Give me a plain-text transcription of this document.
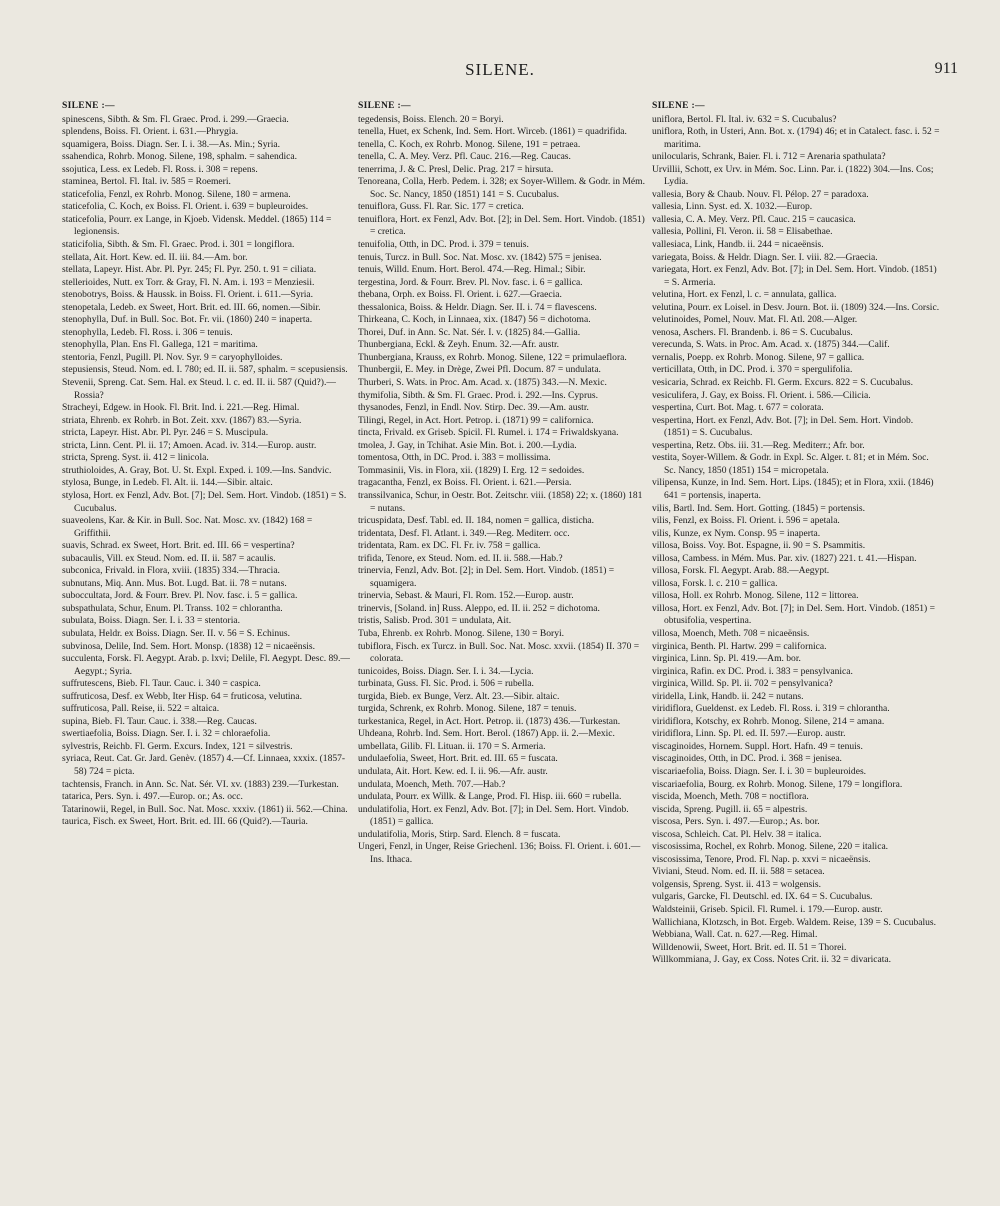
SILENE.	911
SILENE :—

spinescens, Sibth. & Sm. Fl. Graec. Prod. i. 299.—Graecia.

splendens, Boiss. Fl. Orient. i. 631.—Phrygia.

squamigera, Boiss. Diagn. Ser. I. i. 38.—As. Min.; Syria.

ssahendica, Rohrb. Monog. Silene, 198, sphalm. = sahendica.

ssojutica, Less. ex Ledeb. Fl. Ross. i. 308 = repens.

staminea, Bertol. Fl. Ital. iv. 585 = Roemeri.

staticefolia, Fenzl, ex Rohrb. Monog. Silene, 180 = armena.

staticefolia, C. Koch, ex Boiss. Fl. Orient. i. 639 = bupleuroides.

staticefolia, Pourr. ex Lange, in Kjoeb. Vidensk. Meddel. (1865) 114 = legionensis.

staticifolia, Sibth. & Sm. Fl. Graec. Prod. i. 301 = longiflora.

stellata, Ait. Hort. Kew. ed. II. iii. 84.—Am. bor.

stellata, Lapeyr. Hist. Abr. Pl. Pyr. 245; Fl. Pyr. 250. t. 91 = ciliata.

stellerioides, Nutt. ex Torr. & Gray, Fl. N. Am. i. 193 = Menziesii.

stenobotrys, Boiss. & Haussk. in Boiss. Fl. Orient. i. 611.—Syria.

stenopetala, Ledeb. ex Sweet, Hort. Brit. ed. III. 66, nomen.—Sibir.

stenophylla, Duf. in Bull. Soc. Bot. Fr. vii. (1860) 240 = inaperta.

stenophylla, Ledeb. Fl. Ross. i. 306 = tenuis.

stenophylla, Plan. Ens Fl. Gallega, 121 = maritima.

stentoria, Fenzl, Pugill. Pl. Nov. Syr. 9 = caryophylloides.

stepusiensis, Steud. Nom. ed. I. 780; ed. II. ii. 587, sphalm. = scepusiensis.

Stevenii, Spreng. Cat. Sem. Hal. ex Steud. l. c. ed. II. ii. 587 (Quid?).—Rossia?

Stracheyi, Edgew. in Hook. Fl. Brit. Ind. i. 221.—Reg. Himal.

striata, Ehrenb. ex Rohrb. in Bot. Zeit. xxv. (1867) 83.—Syria.

stricta, Lapeyr. Hist. Abr. Pl. Pyr. 246 = S. Muscipula.

stricta, Linn. Cent. Pl. ii. 17; Amoen. Acad. iv. 314.—Europ. austr.

stricta, Spreng. Syst. ii. 412 = linicola.

struthioloides, A. Gray, Bot. U. St. Expl. Exped. i. 109.—Ins. Sandvic.

stylosa, Bunge, in Ledeb. Fl. Alt. ii. 144.—Sibir. altaic.

stylosa, Hort. ex Fenzl, Adv. Bot. [7]; Del. Sem. Hort. Vindob. (1851) = S. Cucubalus.

suaveolens, Kar. & Kir. in Bull. Soc. Nat. Mosc. xv. (1842) 168 = Griffithii.

suavis, Schrad. ex Sweet, Hort. Brit. ed. III. 66 = vespertina?

subacaulis, Vill. ex Steud. Nom. ed. II. ii. 587 = acaulis.

subconica, Frivald. in Flora, xviii. (1835) 334.—Thracia.

subnutans, Miq. Ann. Mus. Bot. Lugd. Bat. ii. 78 = nutans.

suboccultata, Jord. & Fourr. Brev. Pl. Nov. fasc. i. 5 = gallica.

subspathulata, Schur, Enum. Pl. Transs. 102 = chlorantha.

subulata, Boiss. Diagn. Ser. I. i. 33 = stentoria.

subulata, Heldr. ex Boiss. Diagn. Ser. II. v. 56 = S. Echinus.

subvinosa, Delile, Ind. Sem. Hort. Monsp. (1838) 12 = nicaeënsis.

succulenta, Forsk. Fl. Aegypt. Arab. p. lxvi; Delile, Fl. Aegypt. Desc. 89.—Aegypt.; Syria.

suffrutescens, Bieb. Fl. Taur. Cauc. i. 340 = caspica.

suffruticosa, Desf. ex Webb, Iter Hisp. 64 = fruticosa, velutina.

suffruticosa, Pall. Reise, ii. 522 = altaica.

supina, Bieb. Fl. Taur. Cauc. i. 338.—Reg. Caucas.

swertiaefolia, Boiss. Diagn. Ser. I. i. 32 = chloraefolia.

sylvestris, Reichb. Fl. Germ. Excurs. Index, 121 = silvestris.

syriaca, Reut. Cat. Gr. Jard. Genèv. (1857) 4.—Cf. Linnaea, xxxix. (1857-58) 724 = picta.

tachtensis, Franch. in Ann. Sc. Nat. Sér. VI. xv. (1883) 239.—Turkestan.

tatarica, Pers. Syn. i. 497.—Europ. or.; As. occ.

Tatarinowii, Regel, in Bull. Soc. Nat. Mosc. xxxiv. (1861) ii. 562.—China.

taurica, Fisch. ex Sweet, Hort. Brit. ed. III. 66 (Quid?).—Tauria.

SILENE :—

tegedensis, Boiss. Elench. 20 = Boryi.

tenella, Huet, ex Schenk, Ind. Sem. Hort. Wirceb. (1861) = quadrifida.

tenella, C. Koch, ex Rohrb. Monog. Silene, 191 = petraea.

tenella, C. A. Mey. Verz. Pfl. Cauc. 216.—Reg. Caucas.

tenerrima, J. & C. Presl, Delic. Prag. 217 = hirsuta.

Tenoreana, Colla, Herb. Pedem. i. 328; ex Soyer-Willem. & Godr. in Mém. Soc. Sc. Nancy, 1850 (1851) 141 = S. Cucubalus.

tenuiflora, Guss. Fl. Rar. Sic. 177 = cretica.

tenuiflora, Hort. ex Fenzl, Adv. Bot. [2]; in Del. Sem. Hort. Vindob. (1851) = cretica.

tenuifolia, Otth, in DC. Prod. i. 379 = tenuis.

tenuis, Turcz. in Bull. Soc. Nat. Mosc. xv. (1842) 575 = jenisea.

tenuis, Willd. Enum. Hort. Berol. 474.—Reg. Himal.; Sibir.

tergestina, Jord. & Fourr. Brev. Pl. Nov. fasc. i. 6 = gallica.

thebana, Orph. ex Boiss. Fl. Orient. i. 627.—Graecia.

thessalonica, Boiss. & Heldr. Diagn. Ser. II. i. 74 = flavescens.

Thirkeana, C. Koch, in Linnaea, xix. (1847) 56 = dichotoma.

Thorei, Duf. in Ann. Sc. Nat. Sér. I. v. (1825) 84.—Gallia.

Thunbergiana, Eckl. & Zeyh. Enum. 32.—Afr. austr.

Thunbergiana, Krauss, ex Rohrb. Monog. Silene, 122 = primulaeflora.

Thunbergii, E. Mey. in Drège, Zwei Pfl. Docum. 87 = undulata.

Thurberi, S. Wats. in Proc. Am. Acad. x. (1875) 343.—N. Mexic.

thymifolia, Sibth. & Sm. Fl. Graec. Prod. i. 292.—Ins. Cyprus.

thysanodes, Fenzl, in Endl. Nov. Stirp. Dec. 39.—Am. austr.

Tilingi, Regel, in Act. Hort. Petrop. i. (1871) 99 = californica.

tincta, Frivald. ex Griseb. Spicil. Fl. Rumel. i. 174 = Friwaldskyana.

tmolea, J. Gay, in Tchihat. Asie Min. Bot. i. 200.—Lydia.

tomentosa, Otth, in DC. Prod. i. 383 = mollissima.

Tommasinii, Vis. in Flora, xii. (1829) I. Erg. 12 = sedoides.

tragacantha, Fenzl, ex Boiss. Fl. Orient. i. 621.—Persia.

transsilvanica, Schur, in Oestr. Bot. Zeitschr. viii. (1858) 22; x. (1860) 181 = nutans.

tricuspidata, Desf. Tabl. ed. II. 184, nomen = gallica, disticha.

tridentata, Desf. Fl. Atlant. i. 349.—Reg. Mediterr. occ.

tridentata, Ram. ex DC. Fl. Fr. iv. 758 = gallica.

trifida, Tenore, ex Steud. Nom. ed. II. ii. 588.—Hab.?

trinervia, Fenzl, Adv. Bot. [2]; in Del. Sem. Hort. Vindob. (1851) = squamigera.

trinervia, Sebast. & Mauri, Fl. Rom. 152.—Europ. austr.

trinervis, [Soland. in] Russ. Aleppo, ed. II. ii. 252 = dichotoma.

tristis, Salisb. Prod. 301 = undulata, Ait.

Tuba, Ehrenb. ex Rohrb. Monog. Silene, 130 = Boryi.

tubiflora, Fisch. ex Turcz. in Bull. Soc. Nat. Mosc. xxvii. (1854) II. 370 = colorata.

tunicoides, Boiss. Diagn. Ser. I. i. 34.—Lycia.

turbinata, Guss. Fl. Sic. Prod. i. 506 = rubella.

turgida, Bieb. ex Bunge, Verz. Alt. 23.—Sibir. altaic.

turgida, Schrenk, ex Rohrb. Monog. Silene, 187 = tenuis.

turkestanica, Regel, in Act. Hort. Petrop. ii. (1873) 436.—Turkestan.

Uhdeana, Rohrb. Ind. Sem. Hort. Berol. (1867) App. ii. 2.—Mexic.

umbellata, Gilib. Fl. Lituan. ii. 170 = S. Armeria.

undulaefolia, Sweet, Hort. Brit. ed. III. 65 = fuscata.

undulata, Ait. Hort. Kew. ed. I. ii. 96.—Afr. austr.

undulata, Moench, Meth. 707.—Hab.?

undulata, Pourr. ex Willk. & Lange, Prod. Fl. Hisp. iii. 660 = rubella.

undulatifolia, Hort. ex Fenzl, Adv. Bot. [7]; in Del. Sem. Hort. Vindob. (1851) = gallica.

undulatifolia, Moris, Stirp. Sard. Elench. 8 = fuscata.

Ungeri, Fenzl, in Unger, Reise Griechenl. 136; Boiss. Fl. Orient. i. 601.—Ins. Ithaca.

SILENE :—

uniflora, Bertol. Fl. Ital. iv. 632 = S. Cucubalus?

uniflora, Roth, in Usteri, Ann. Bot. x. (1794) 46; et in Catalect. fasc. i. 52 = maritima.

unilocularis, Schrank, Baier. Fl. i. 712 = Arenaria spathulata?

Urvillii, Schott, ex Urv. in Mém. Soc. Linn. Par. i. (1822) 304.—Ins. Cos; Lydia.

vallesia, Bory & Chaub. Nouv. Fl. Pélop. 27 = paradoxa.

vallesia, Linn. Syst. ed. X. 1032.—Europ.

vallesia, C. A. Mey. Verz. Pfl. Cauc. 215 = caucasica.

vallesia, Pollini, Fl. Veron. ii. 58 = Elisabethae.

vallesiaca, Link, Handb. ii. 244 = nicaeënsis.

variegata, Boiss. & Heldr. Diagn. Ser. I. viii. 82.—Graecia.

variegata, Hort. ex Fenzl, Adv. Bot. [7]; in Del. Sem. Hort. Vindob. (1851) = S. Armeria.

velutina, Hort. ex Fenzl, l. c. = annulata, gallica.

velutina, Pourr. ex Loisel. in Desv. Journ. Bot. ii. (1809) 324.—Ins. Corsic.

velutinoides, Pomel, Nouv. Mat. Fl. Atl. 208.—Alger.

venosa, Aschers. Fl. Brandenb. i. 86 = S. Cucubalus.

verecunda, S. Wats. in Proc. Am. Acad. x. (1875) 344.—Calif.

vernalis, Poepp. ex Rohrb. Monog. Silene, 97 = gallica.

verticillata, Otth, in DC. Prod. i. 370 = spergulifolia.

vesicaria, Schrad. ex Reichb. Fl. Germ. Excurs. 822 = S. Cucubalus.

vesiculifera, J. Gay, ex Boiss. Fl. Orient. i. 586.—Cilicia.

vespertina, Curt. Bot. Mag. t. 677 = colorata.

vespertina, Hort. ex Fenzl, Adv. Bot. [7]; in Del. Sem. Hort. Vindob. (1851) = S. Cucubalus.

vespertina, Retz. Obs. iii. 31.—Reg. Mediterr.; Afr. bor.

vestita, Soyer-Willem. & Godr. in Expl. Sc. Alger. t. 81; et in Mém. Soc. Sc. Nancy, 1850 (1851) 154 = micropetala.

vilipensa, Kunze, in Ind. Sem. Hort. Lips. (1845); et in Flora, xxii. (1846) 641 = portensis, inaperta.

vilis, Bartl. Ind. Sem. Hort. Gotting. (1845) = portensis.

vilis, Fenzl, ex Boiss. Fl. Orient. i. 596 = apetala.

vilis, Kunze, ex Nym. Consp. 95 = inaperta.

villosa, Boiss. Voy. Bot. Espagne, ii. 90 = S. Psammitis.

villosa, Cambess. in Mém. Mus. Par. xiv. (1827) 221. t. 41.—Hispan.

villosa, Forsk. Fl. Aegypt. Arab. 88.—Aegypt.

villosa, Forsk. l. c. 210 = gallica.

villosa, Holl. ex Rohrb. Monog. Silene, 112 = littorea.

villosa, Hort. ex Fenzl, Adv. Bot. [7]; in Del. Sem. Hort. Vindob. (1851) = obtusifolia, vespertina.

villosa, Moench, Meth. 708 = nicaeënsis.

virginica, Benth. Pl. Hartw. 299 = californica.

virginica, Linn. Sp. Pl. 419.—Am. bor.

virginica, Rafin. ex DC. Prod. i. 383 = pensylvanica.

virginica, Willd. Sp. Pl. ii. 702 = pensylvanica?

viridella, Link, Handb. ii. 242 = nutans.

viridiflora, Gueldenst. ex Ledeb. Fl. Ross. i. 319 = chlorantha.

viridiflora, Kotschy, ex Rohrb. Monog. Silene, 214 = amana.

viridiflora, Linn. Sp. Pl. ed. II. 597.—Europ. austr.

viscaginoides, Hornem. Suppl. Hort. Hafn. 49 = tenuis.

viscaginoides, Otth, in DC. Prod. i. 368 = jenisea.

viscariaefolia, Boiss. Diagn. Ser. I. i. 30 = bupleuroides.

viscariaefolia, Bourg. ex Rohrb. Monog. Silene, 179 = longiflora.

viscida, Moench, Meth. 708 = noctiflora.

viscida, Spreng. Pugill. ii. 65 = alpestris.

viscosa, Pers. Syn. i. 497.—Europ.; As. bor.

viscosa, Schleich. Cat. Pl. Helv. 38 = italica.

viscosissima, Rochel, ex Rohrb. Monog. Silene, 220 = italica.

viscosissima, Tenore, Prod. Fl. Nap. p. xxvi = nicaeënsis.

Viviani, Steud. Nom. ed. II. ii. 588 = setacea.

volgensis, Spreng. Syst. ii. 413 = wolgensis.

vulgaris, Garcke, Fl. Deutschl. ed. IX. 64 = S. Cucubalus.

Waldsteinii, Griseb. Spicil. Fl. Rumel. i. 179.—Europ. austr.

Wallichiana, Klotzsch, in Bot. Ergeb. Waldem. Reise, 139 = S. Cucubalus.

Webbiana, Wall. Cat. n. 627.—Reg. Himal.

Willdenowii, Sweet, Hort. Brit. ed. II. 51 = Thorei.

Willkommiana, J. Gay, ex Coss. Notes Crit. ii. 32 = divaricata.
